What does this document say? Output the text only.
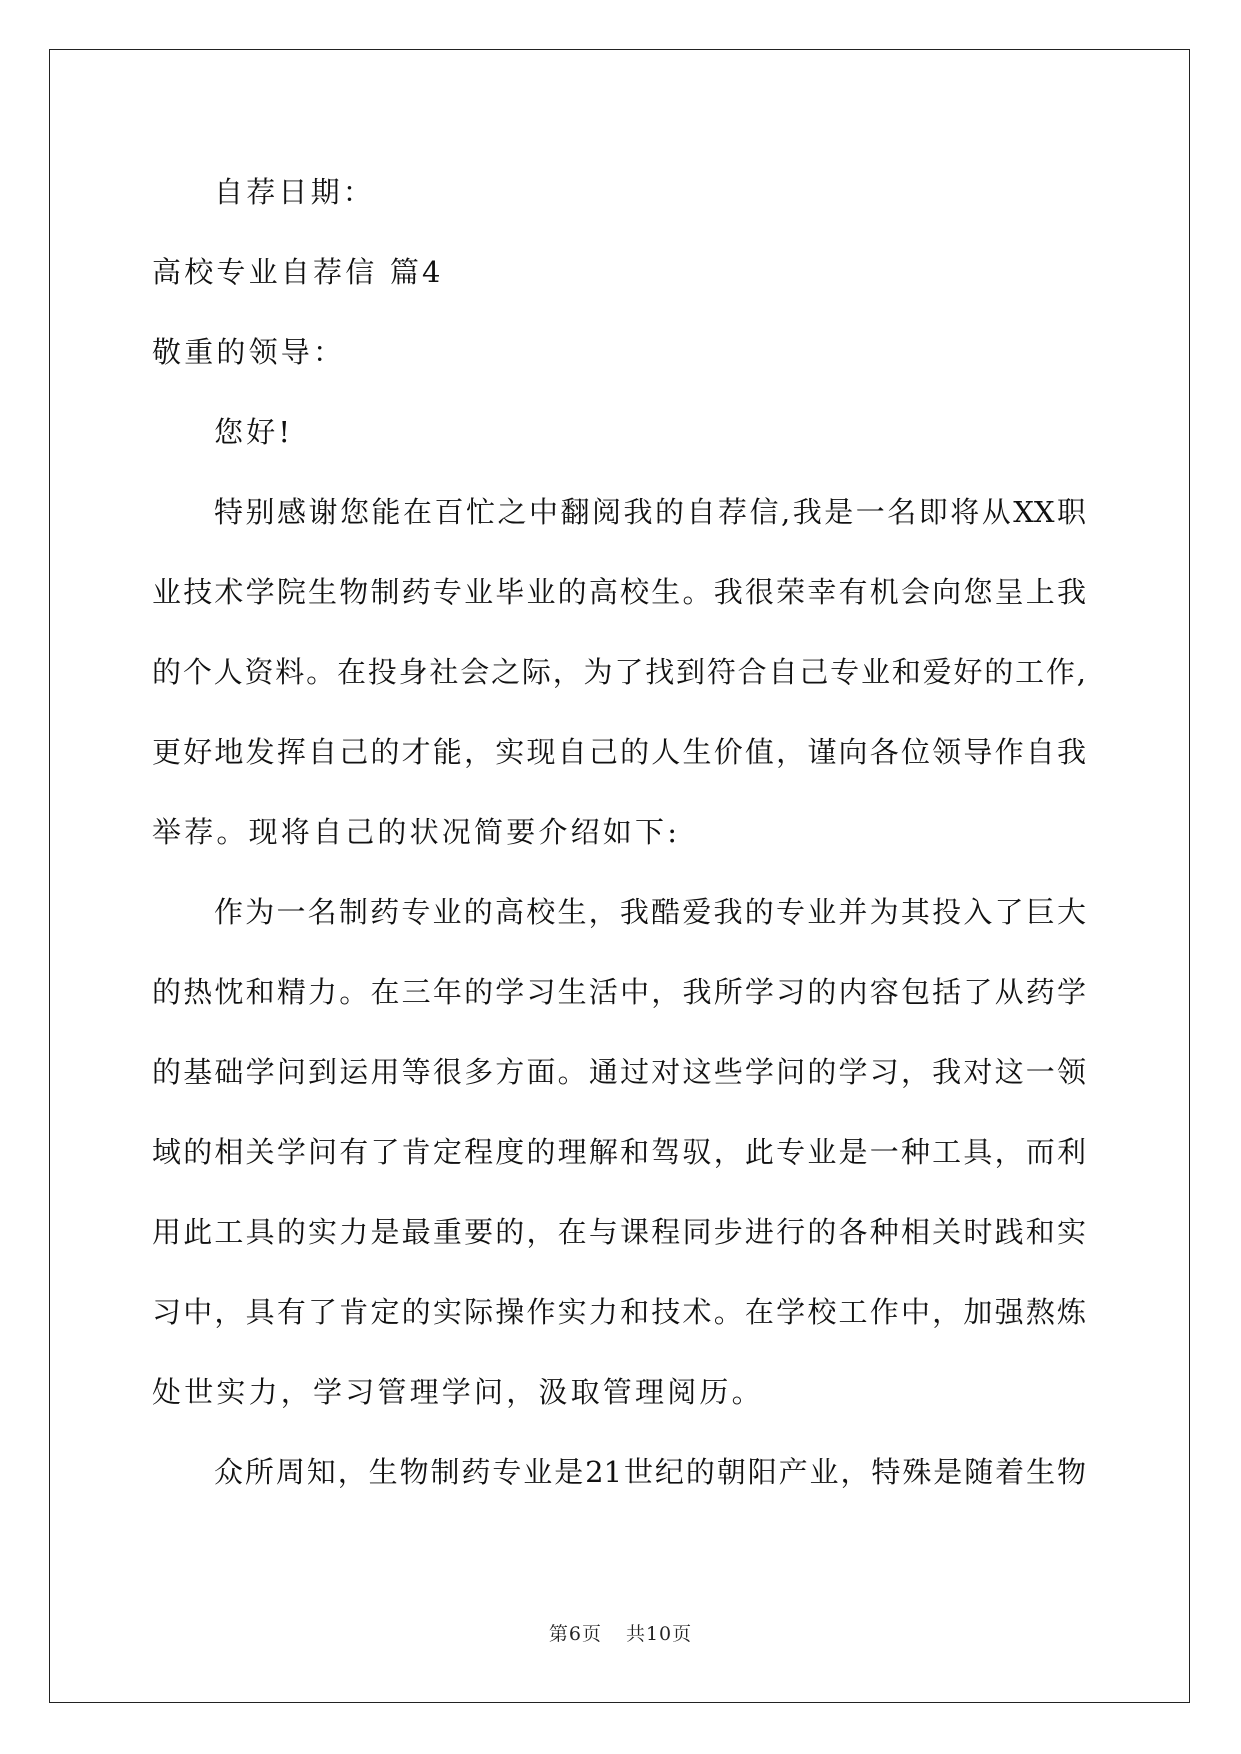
自荐日期：
高校专业自荐信 篇4
敬重的领导：
您好!
特别感谢您能在百忙之中翻阅我的自荐信,我是一名即将从XX职
业技术学院生物制药专业毕业的高校生。我很荣幸有机会向您呈上我
的个人资料。在投身社会之际，为了找到符合自己专业和爱好的工作,
更好地发挥自己的才能，实现自己的人生价值，谨向各位领导作自我
举荐。现将自己的状况简要介绍如下:
作为一名制药专业的高校生，我酷爱我的专业并为其投入了巨大
的热忱和精力。在三年的学习生活中，我所学习的内容包括了从药学
的基础学问到运用等很多方面。通过对这些学问的学习，我对这一领
域的相关学问有了肯定程度的理解和驾驭，此专业是一种工具，而利
用此工具的实力是最重要的，在与课程同步进行的各种相关时践和实
习中，具有了肯定的实际操作实力和技术。在学校工作中，加强熬炼
处世实力，学习管理学问，汲取管理阅历。
众所周知，生物制药专业是21世纪的朝阳产业，特殊是随着生物
第6页 共10页
